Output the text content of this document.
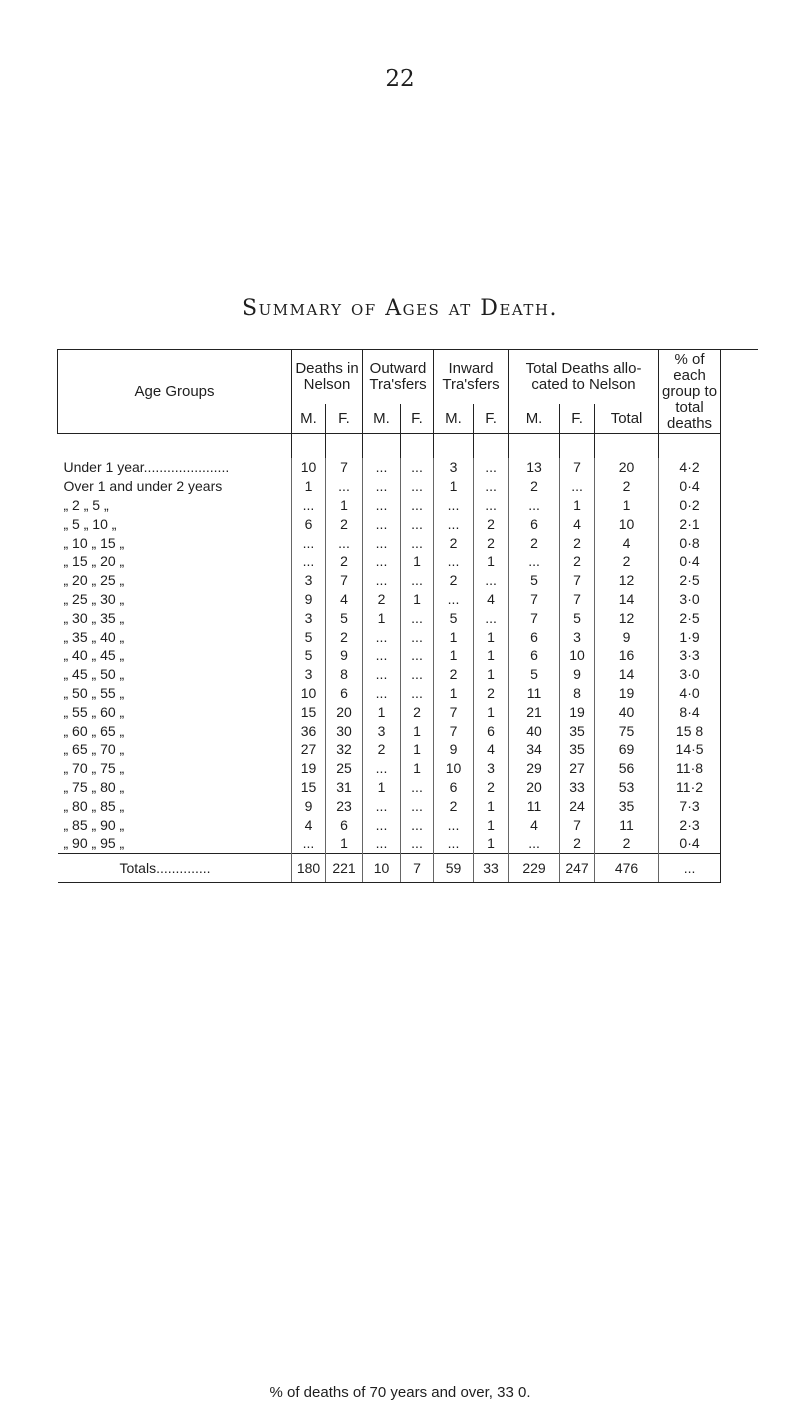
22
Summary of Ages at Death.
Age Groups	Deaths in Nelson		Outward Tra'sfers		Inward Tra'sfers		Total Deaths allo- cated to Nelson			% of each group to total deaths	
	M.	F.	M.	F.	M.	F.	M.	F.	Total		

Under 1 year......................	10	7	...	...	3	...	13	7	20	4·2	
Over 1 and under 2 years	1	...	...	...	1	...	2	...	2	0·4	
„ 2 „ 5 „	...	1	...	...	...	...	...	1	1	0·2	
„ 5 „ 10 „	6	2	...	...	...	2	6	4	10	2·1	
„ 10 „ 15 „	...	...	...	...	2	2	2	2	4	0·8	
„ 15 „ 20 „	...	2	...	1	...	1	...	2	2	0·4	
„ 20 „ 25 „	3	7	...	...	2	...	5	7	12	2·5	
„ 25 „ 30 „	9	4	2	1	...	4	7	7	14	3·0	
„ 30 „ 35 „	3	5	1	...	5	...	7	5	12	2·5	
„ 35 „ 40 „	5	2	...	...	1	1	6	3	9	1·9	
„ 40 „ 45 „	5	9	...	...	1	1	6	10	16	3·3	
„ 45 „ 50 „	3	8	...	...	2	1	5	9	14	3·0	
„ 50 „ 55 „	10	6	...	...	1	2	11	8	19	4·0	
„ 55 „ 60 „	15	20	1	2	7	1	21	19	40	8·4	
„ 60 „ 65 „	36	30	3	1	7	6	40	35	75	15 8	
„ 65 „ 70 „	27	32	2	1	9	4	34	35	69	14·5	
„ 70 „ 75 „	19	25	...	1	10	3	29	27	56	11·8	
„ 75 „ 80 „	15	31	1	...	6	2	20	33	53	11·2	
„ 80 „ 85 „	9	23	...	...	2	1	11	24	35	7·3	
„ 85 „ 90 „	4	6	...	...	...	1	4	7	11	2·3	
„ 90 „ 95 „	...	1	...	...	...	1	...	2	2	0·4	
Totals..............	180	221	10	7	59	33	229	247	476	...	
% of deaths of 70 years and over, 33 0.
